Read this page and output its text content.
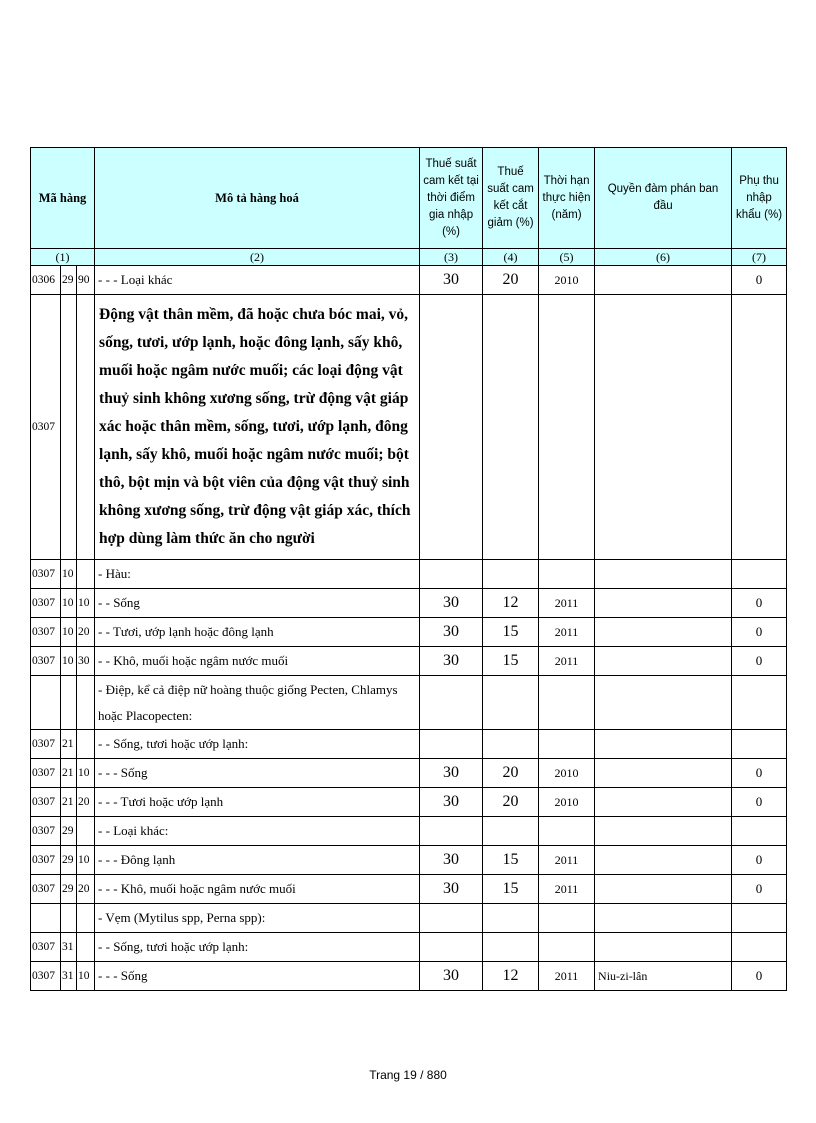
Mã hàng			Mô tả hàng hoá	Thuế suất cam kết tại thời điểm gia nhập (%)	Thuế suất cam kết cắt giảm (%)	Thời hạn thực hiện (năm)	Quyền đàm phán ban đầu	Phụ thu nhập khẩu (%)
(1)			(2)	(3)	(4)	(5)	(6)	(7)
0306	29	90	- - - Loại khác	30	20	2010		0
0307			Động vật thân mềm, đã hoặc chưa bóc mai, vỏ, sống, tươi, ướp lạnh, hoặc đông lạnh, sấy khô, muối hoặc ngâm nước muối; các loại động vật thuỷ sinh không xương sống, trừ động vật giáp xác hoặc thân mềm, sống, tươi, ướp lạnh, đông lạnh, sấy khô, muối hoặc ngâm nước muối; bột thô, bột mịn và bột viên của động vật thuỷ sinh không xương sống, trừ động vật giáp xác, thích hợp dùng làm thức ăn cho người					
0307	10		- Hàu:					
0307	10	10	- - Sống	30	12	2011		0
0307	10	20	- - Tươi, ướp lạnh hoặc đông lạnh	30	15	2011		0
0307	10	30	- - Khô, muối hoặc ngâm nước muối	30	15	2011		0
			- Điệp, kể cả điệp nữ hoàng thuộc giống Pecten, Chlamys hoặc Placopecten:					
0307	21		- - Sống, tươi hoặc ướp lạnh:					
0307	21	10	- - - Sống	30	20	2010		0
0307	21	20	- - - Tươi hoặc ướp lạnh	30	20	2010		0
0307	29		- - Loại khác:					
0307	29	10	- - - Đông lạnh	30	15	2011		0
0307	29	20	- - - Khô, muối hoặc ngâm nước muối	30	15	2011		0
			- Vẹm (Mytilus spp, Perna spp):					
0307	31		- - Sống, tươi hoặc ướp lạnh:					
0307	31	10	- - - Sống	30	12	2011	Niu-zi-lân	0
Trang 19 / 880
